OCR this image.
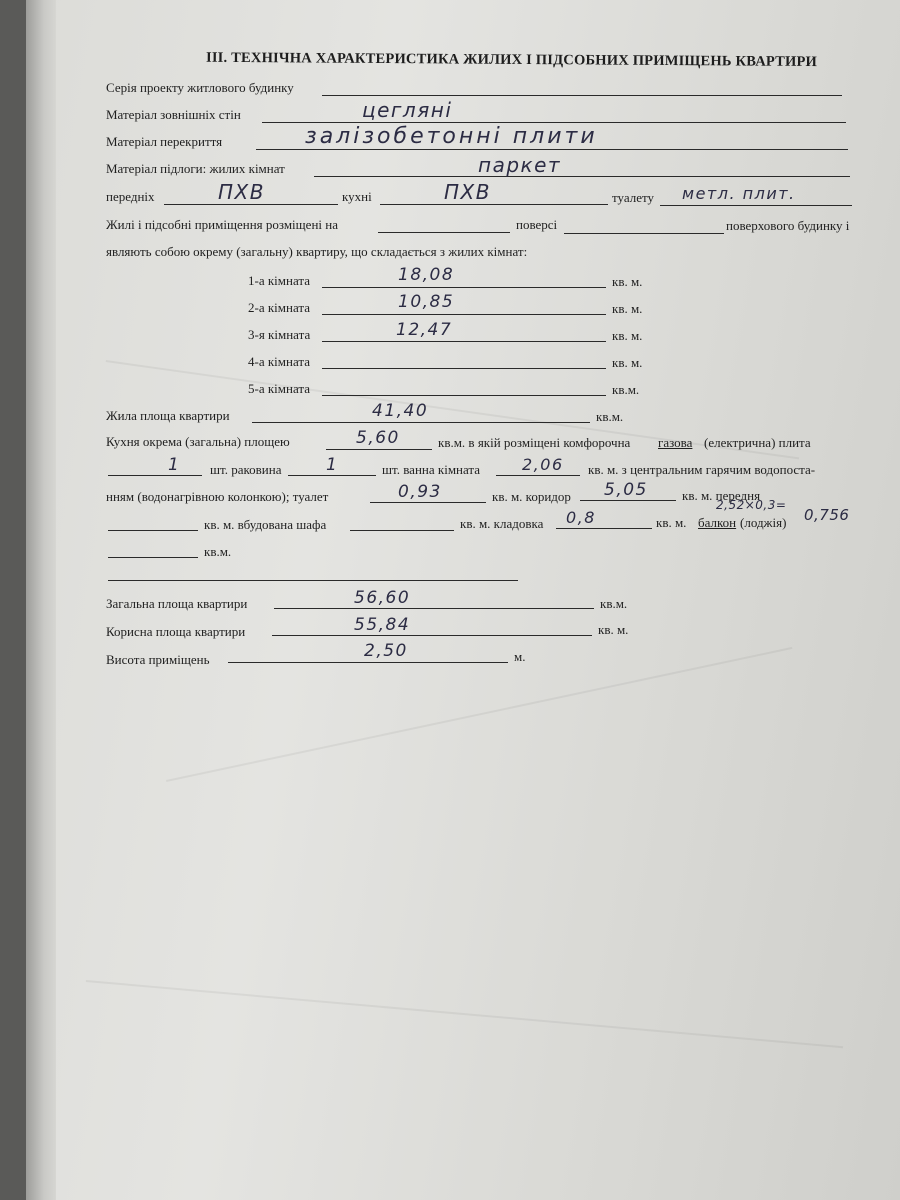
III. ТЕХНІЧНА ХАРАКТЕРИСТИКА ЖИЛИХ І ПІДСОБНИХ ПРИМІЩЕНЬ КВАРТИРИ
Серія проекту житлового будинку
Матеріал зовнішніх стін	цегляні
Матеріал перекриття	залізобетонні плити
Матеріал підлоги: жилих кімнат	паркет
передніх	ПХВ	кухні	ПХВ	туалету метл. плит.
Жилі і підсобні приміщення розміщені на	поверсі	поверхового будинку і
являють собою окрему (загальну) квартиру, що складається з жилих кімнат:
1-а кімната	18,08	кв. м.
2-а кімната	10,85	кв. м.
3-я кімната	12,47	кв. м.
4-а кімната	кв. м.
5-а кімната	кв.м.
Жила площа квартири	41,40	кв.м.
Кухня окрема (загальна) площею	5,60	кв.м. в якій розміщені комфорочна газова (електрична) плита
1 шт. раковина	1	шт. ванна кімната	2,06 кв. м. з центральним гарячим водопоста-
нням (водонагрівною колонкою); туалет	0,93	кв. м. коридор 5,05	кв. м. передня
кв. м. вбудована шафа	кв. м. кладовка 0,8	кв. м. балкон (лоджія)
2,52×0,3=
0,756
кв.м.
Загальна площа квартири	56,60	кв.м.
Корисна площа квартири	55,84	кв. м.
Висота приміщень	2,50	м.
